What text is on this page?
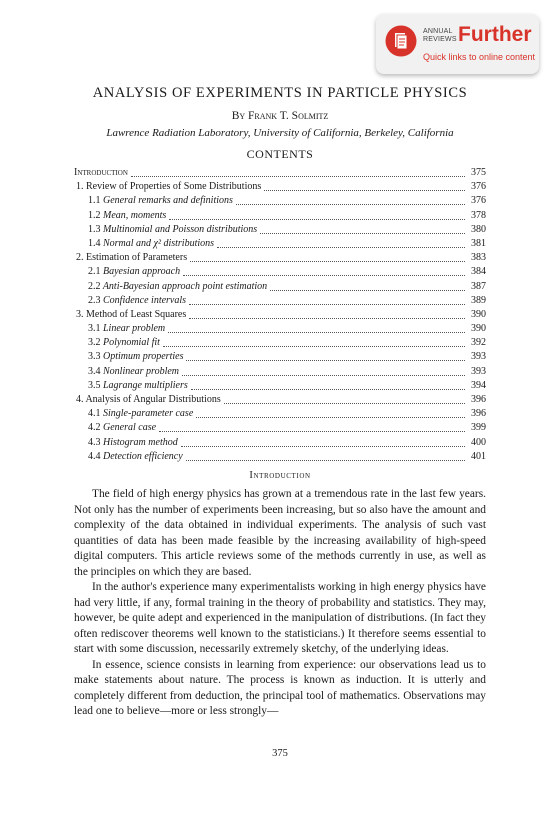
ANNUAL
REVIEWS Further
Quick links to online content
ANALYSIS OF EXPERIMENTS IN PARTICLE PHYSICS
By Frank T. Solmitz
Lawrence Radiation Laboratory, University of California, Berkeley, California
CONTENTS
Introduction	375
1. Review of Properties of Some Distributions	376
1.1 General remarks and definitions	376
1.2 Mean, moments	378
1.3 Multinomial and Poisson distributions	380
1.4 Normal and χ² distributions	381
2. Estimation of Parameters	383
2.1 Bayesian approach	384
2.2 Anti-Bayesian approach point estimation	387
2.3 Confidence intervals	389
3. Method of Least Squares	390
3.1 Linear problem	390
3.2 Polynomial fit	392
3.3 Optimum properties	393
3.4 Nonlinear problem	393
3.5 Lagrange multipliers	394
4. Analysis of Angular Distributions	396
4.1 Single-parameter case	396
4.2 General case	399
4.3 Histogram method	400
4.4 Detection efficiency	401
Introduction

The field of high energy physics has grown at a tremendous rate in the last few years. Not only has the number of experiments been increasing, but so also have the amount and complexity of the data obtained in individual experiments. The analysis of such vast quantities of data has been made feasible by the increasing availability of high-speed digital computers. This article reviews some of the methods currently in use, as well as the principles on which they are based.

In the author's experience many experimentalists working in high energy physics have had very little, if any, formal training in the theory of probability and statistics. They may, however, be quite adept and experienced in the manipulation of distributions. (In fact they often rediscover theorems well known to the statisticians.) It therefore seems essential to start with some discussion, necessarily extremely sketchy, of the underlying ideas.

In essence, science consists in learning from experience: our observations lead us to make statements about nature. The process is known as induction. It is utterly and completely different from deduction, the principal tool of mathematics. Observations may lead one to believe—more or less strongly—

375
